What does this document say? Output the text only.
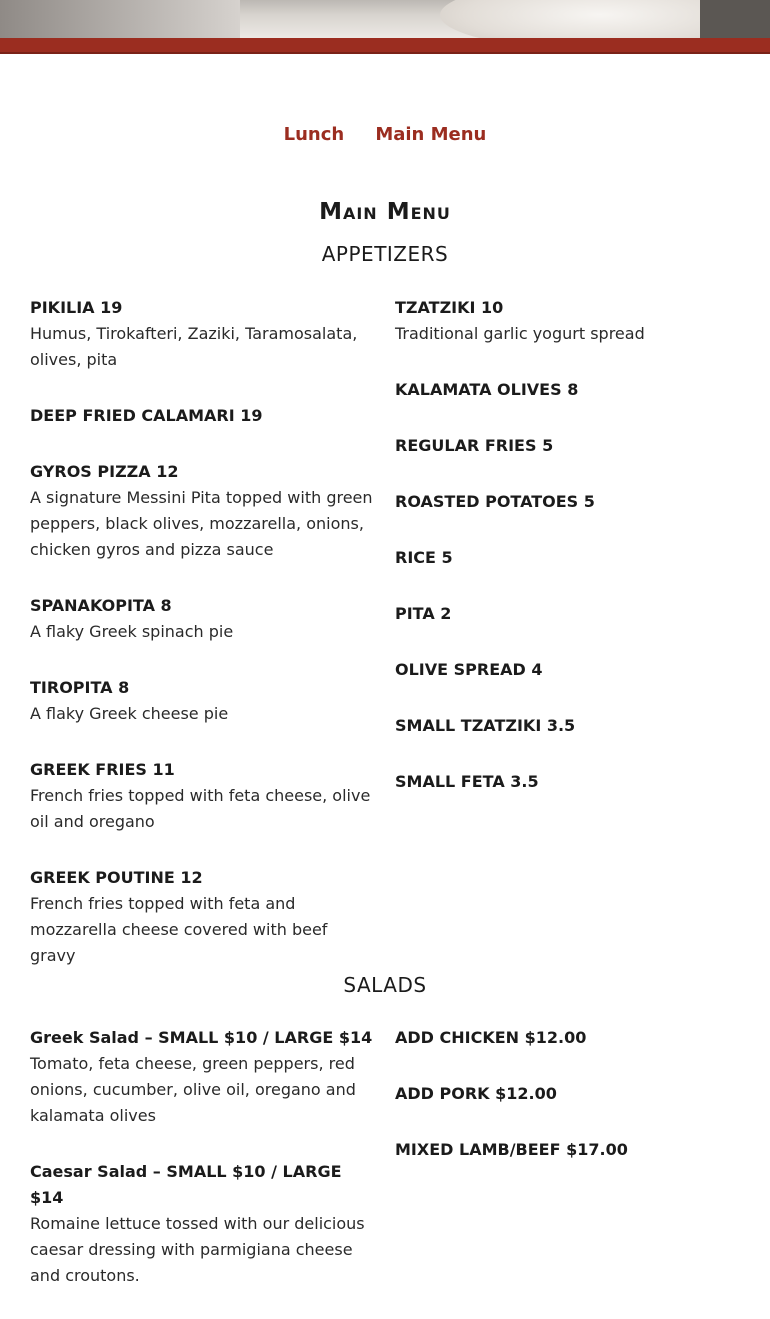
Lunch Main Menu
Main Menu
APPETIZERS
PIKILIA 19
Humus, Tirokafteri, Zaziki, Taramosalata, olives, pita
DEEP FRIED CALAMARI 19
GYROS PIZZA 12
A signature Messini Pita topped with green peppers, black olives, mozzarella, onions, chicken gyros and pizza sauce
SPANAKOPITA 8
A flaky Greek spinach pie
TIROPITA 8
A flaky Greek cheese pie
GREEK FRIES 11
French fries topped with feta cheese, olive oil and oregano
GREEK POUTINE 12
French fries topped with feta and mozzarella cheese covered with beef gravy
TZATZIKI 10
Traditional garlic yogurt spread
KALAMATA OLIVES 8
REGULAR FRIES 5
ROASTED POTATOES 5
RICE 5
PITA 2
OLIVE SPREAD 4
SMALL TZATZIKI 3.5
SMALL FETA 3.5
SALADS
Greek Salad – SMALL $10 / LARGE $14
Tomato, feta cheese, green peppers, red onions, cucumber, olive oil, oregano and kalamata olives
Caesar Salad – SMALL $10 / LARGE $14
Romaine lettuce tossed with our delicious caesar dressing with parmigiana cheese and croutons.
ADD CHICKEN $12.00
ADD PORK $12.00
MIXED LAMB/BEEF $17.00
